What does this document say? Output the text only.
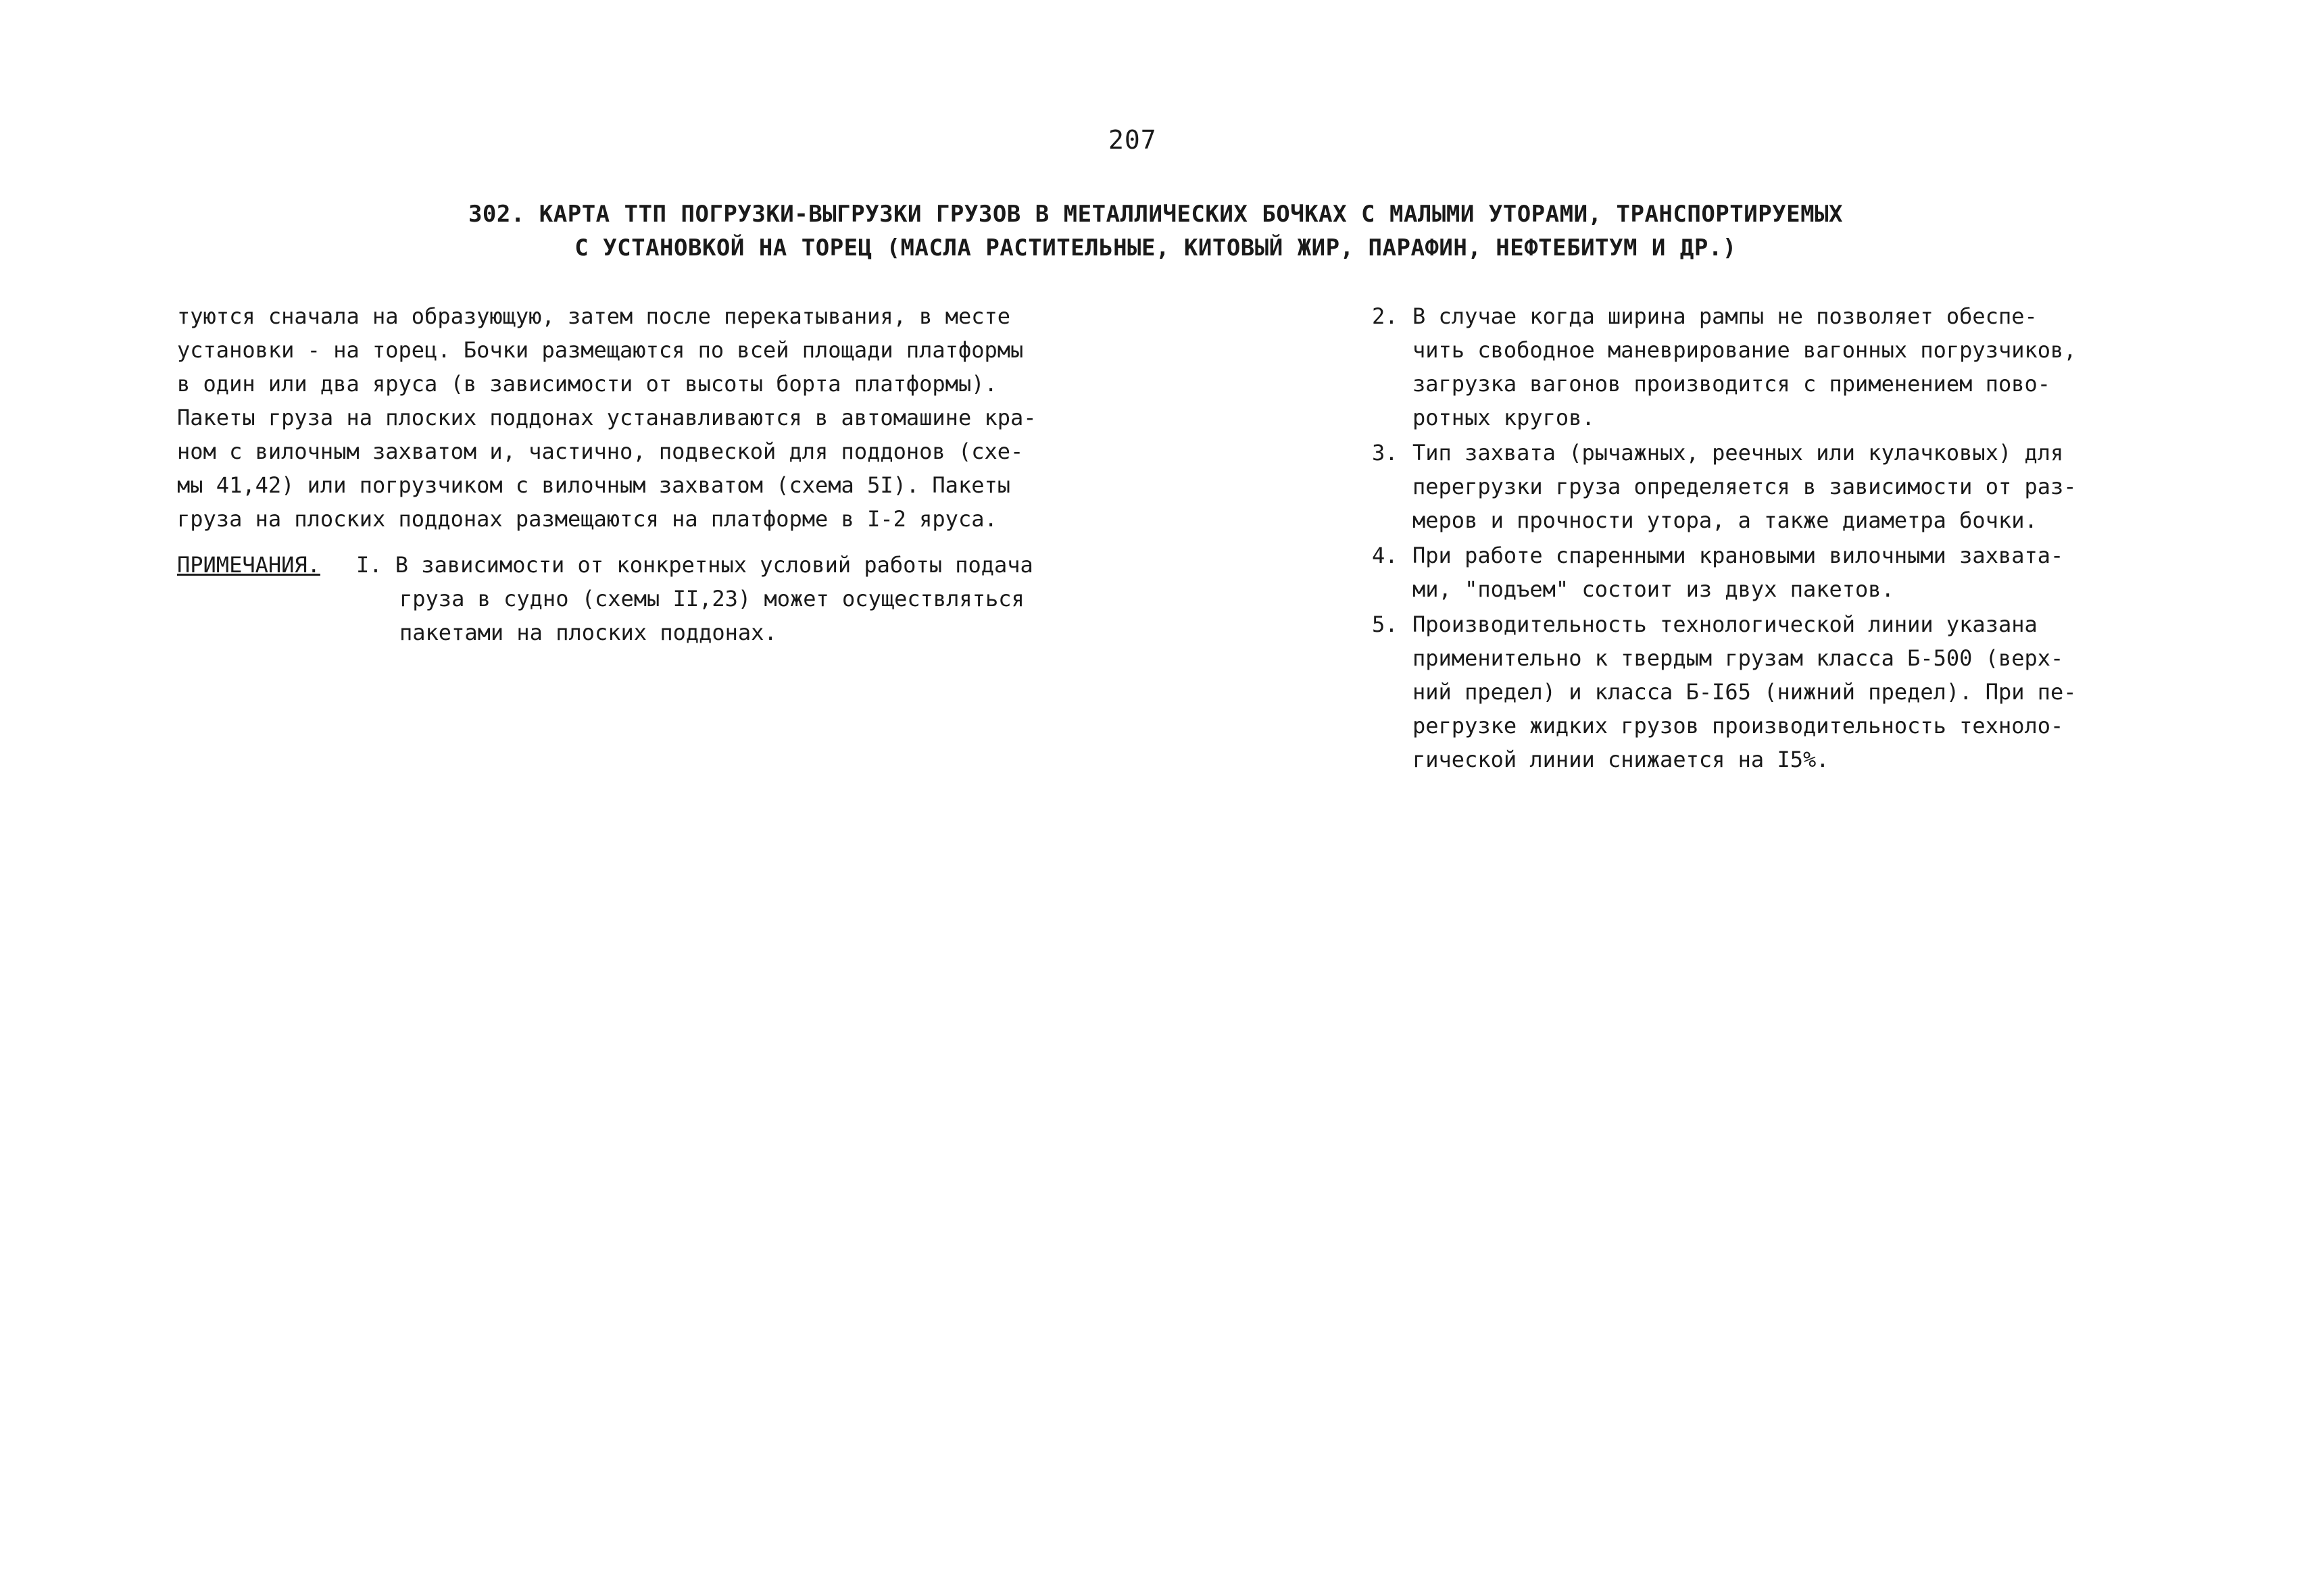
207
302. КАРТА ТТП ПОГРУЗКИ-ВЫГРУЗКИ ГРУЗОВ В МЕТАЛЛИЧЕСКИХ БОЧКАХ С МАЛЫМИ УТОРАМИ, ТРАНСПОРТИРУЕМЫХ
С УСТАНОВКОЙ НА ТОРЕЦ (МАСЛА РАСТИТЕЛЬНЫЕ, КИТОВЫЙ ЖИР, ПАРАФИН, НЕФТЕБИТУМ И ДР.)
туются сначала на образующую, затем после перекатывания, в месте
установки - на торец. Бочки размещаются по всей площади платформы
в один или два яруса (в зависимости от высоты борта платформы).
Пакеты груза на плоских поддонах устанавливаются в автомашине кра-
ном с вилочным захватом и, частично, подвеской для поддонов (схе-
мы 41,42) или погрузчиком с вилочным захватом (схема 5I). Пакеты
груза на плоских поддонах размещаются на платформе в I-2 яруса.
ПРИМЕЧАНИЯ. I. В зависимости от конкретных условий работы подача
груза в судно (схемы II,23) может осуществляться
пакетами на плоских поддонах.
2. В случае когда ширина рампы не позволяет обеспе-
чить свободное маневрирование вагонных погрузчиков,
загрузка вагонов производится с применением пово-
ротных кругов.
3. Тип захвата (рычажных, реечных или кулачковых) для
перегрузки груза определяется в зависимости от раз-
меров и прочности утора, а также диаметра бочки.
4. При работе спаренными крановыми вилочными захвата-
ми, "подъем" состоит из двух пакетов.
5. Производительность технологической линии указана
применительно к твердым грузам класса Б-500 (верх-
ний предел) и класса Б-I65 (нижний предел). При пе-
регрузке жидких грузов производительность техноло-
гической линии снижается на I5%.
